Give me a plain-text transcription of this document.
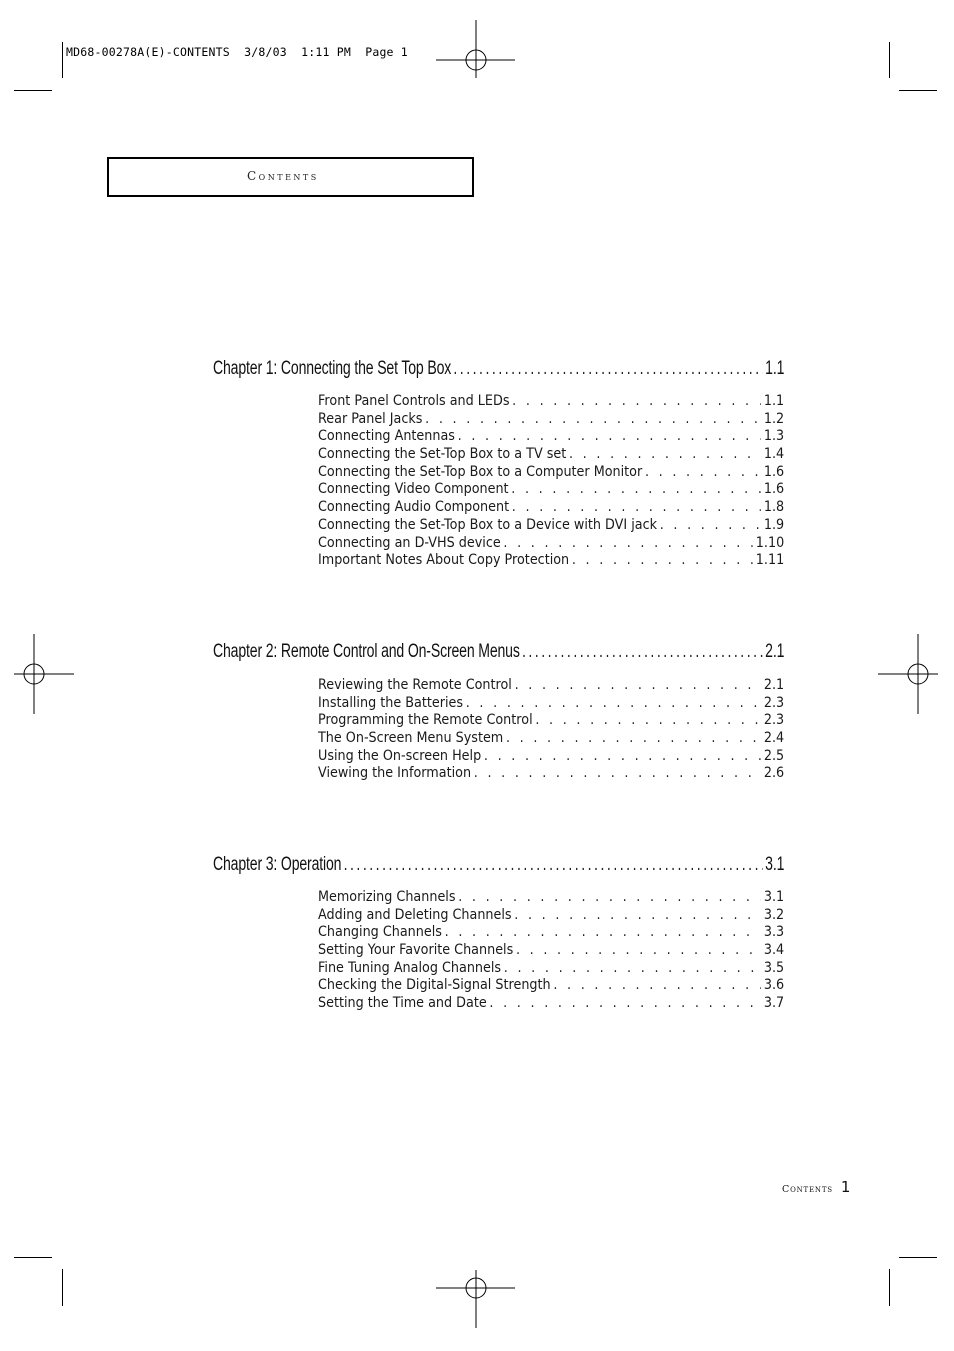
MD68-00278A(E)-CONTENTS  3/8/03  1:11 PM  Page 1
Contents
Chapter 1: Connecting the Set Top Box .....	1.1
Front Panel Controls and LEDs . . .	1.1
Rear Panel Jacks . . .	1.2
Connecting Antennas . . .	1.3
Connecting the Set-Top Box to a TV set . . .	1.4
Connecting the Set-Top Box to a Computer Monitor . . .	1.6
Connecting Video Component . . .	1.6
Connecting Audio Component . . .	1.8
Connecting the Set-Top Box to a Device with DVI jack . . .	1.9
Connecting an D-VHS device . . .	1.10
Important Notes About Copy Protection . . .	1.11
Chapter 2: Remote Control and On-Screen Menus .....	2.1
Reviewing the Remote Control . . .	2.1
Installing the Batteries . . .	2.3
Programming the Remote Control . . .	2.3
The On-Screen Menu System . . .	2.4
Using the On-screen Help . . .	2.5
Viewing the Information . . .	2.6
Chapter 3: Operation .....	3.1
Memorizing Channels . . .	3.1
Adding and Deleting Channels . . .	3.2
Changing Channels . . .	3.3
Setting Your Favorite Channels . . .	3.4
Fine Tuning Analog Channels . . .	3.5
Checking the Digital-Signal Strength . . .	3.6
Setting the Time and Date . . .	3.7
Contents 1
